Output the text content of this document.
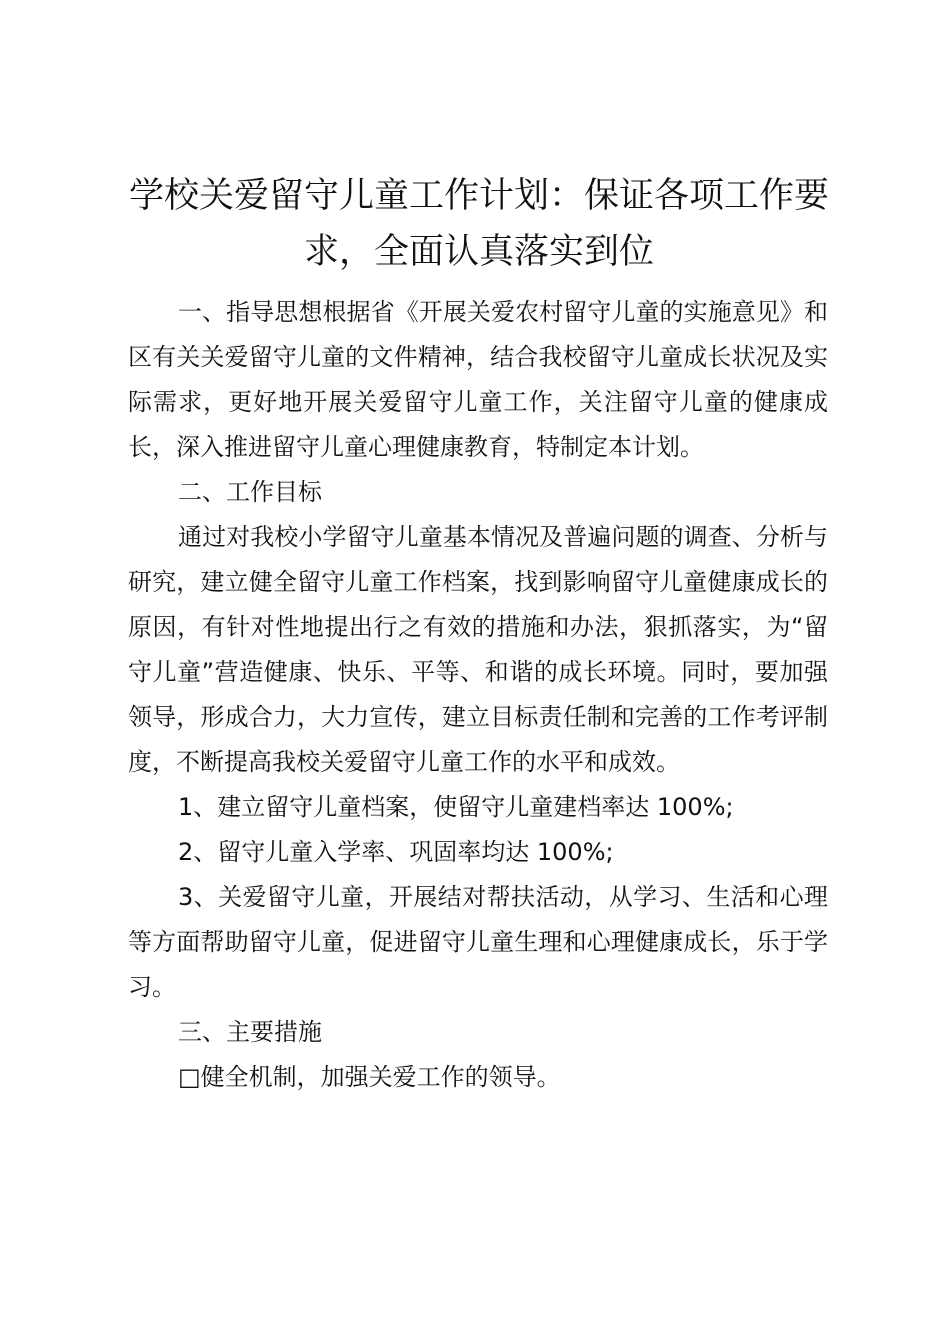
学校关爱留守儿童工作计划：保证各项工作要求，全面认真落实到位

一、指导思想根据省《开展关爱农村留守儿童的实施意见》和区有关关爱留守儿童的文件精神，结合我校留守儿童成长状况及实际需求，更好地开展关爱留守儿童工作，关注留守儿童的健康成长，深入推进留守儿童心理健康教育，特制定本计划。

二、工作目标

通过对我校小学留守儿童基本情况及普遍问题的调查、分析与研究，建立健全留守儿童工作档案，找到影响留守儿童健康成长的原因，有针对性地提出行之有效的措施和办法，狠抓落实，为“留守儿童”营造健康、快乐、平等、和谐的成长环境。同时，要加强领导，形成合力，大力宣传，建立目标责任制和完善的工作考评制度，不断提高我校关爱留守儿童工作的水平和成效。

1、建立留守儿童档案，使留守儿童建档率达 100%;

2、留守儿童入学率、巩固率均达 100%;

3、关爱留守儿童，开展结对帮扶活动，从学习、生活和心理等方面帮助留守儿童，促进留守儿童生理和心理健康成长，乐于学习。

三、主要措施

□健全机制，加强关爱工作的领导。
